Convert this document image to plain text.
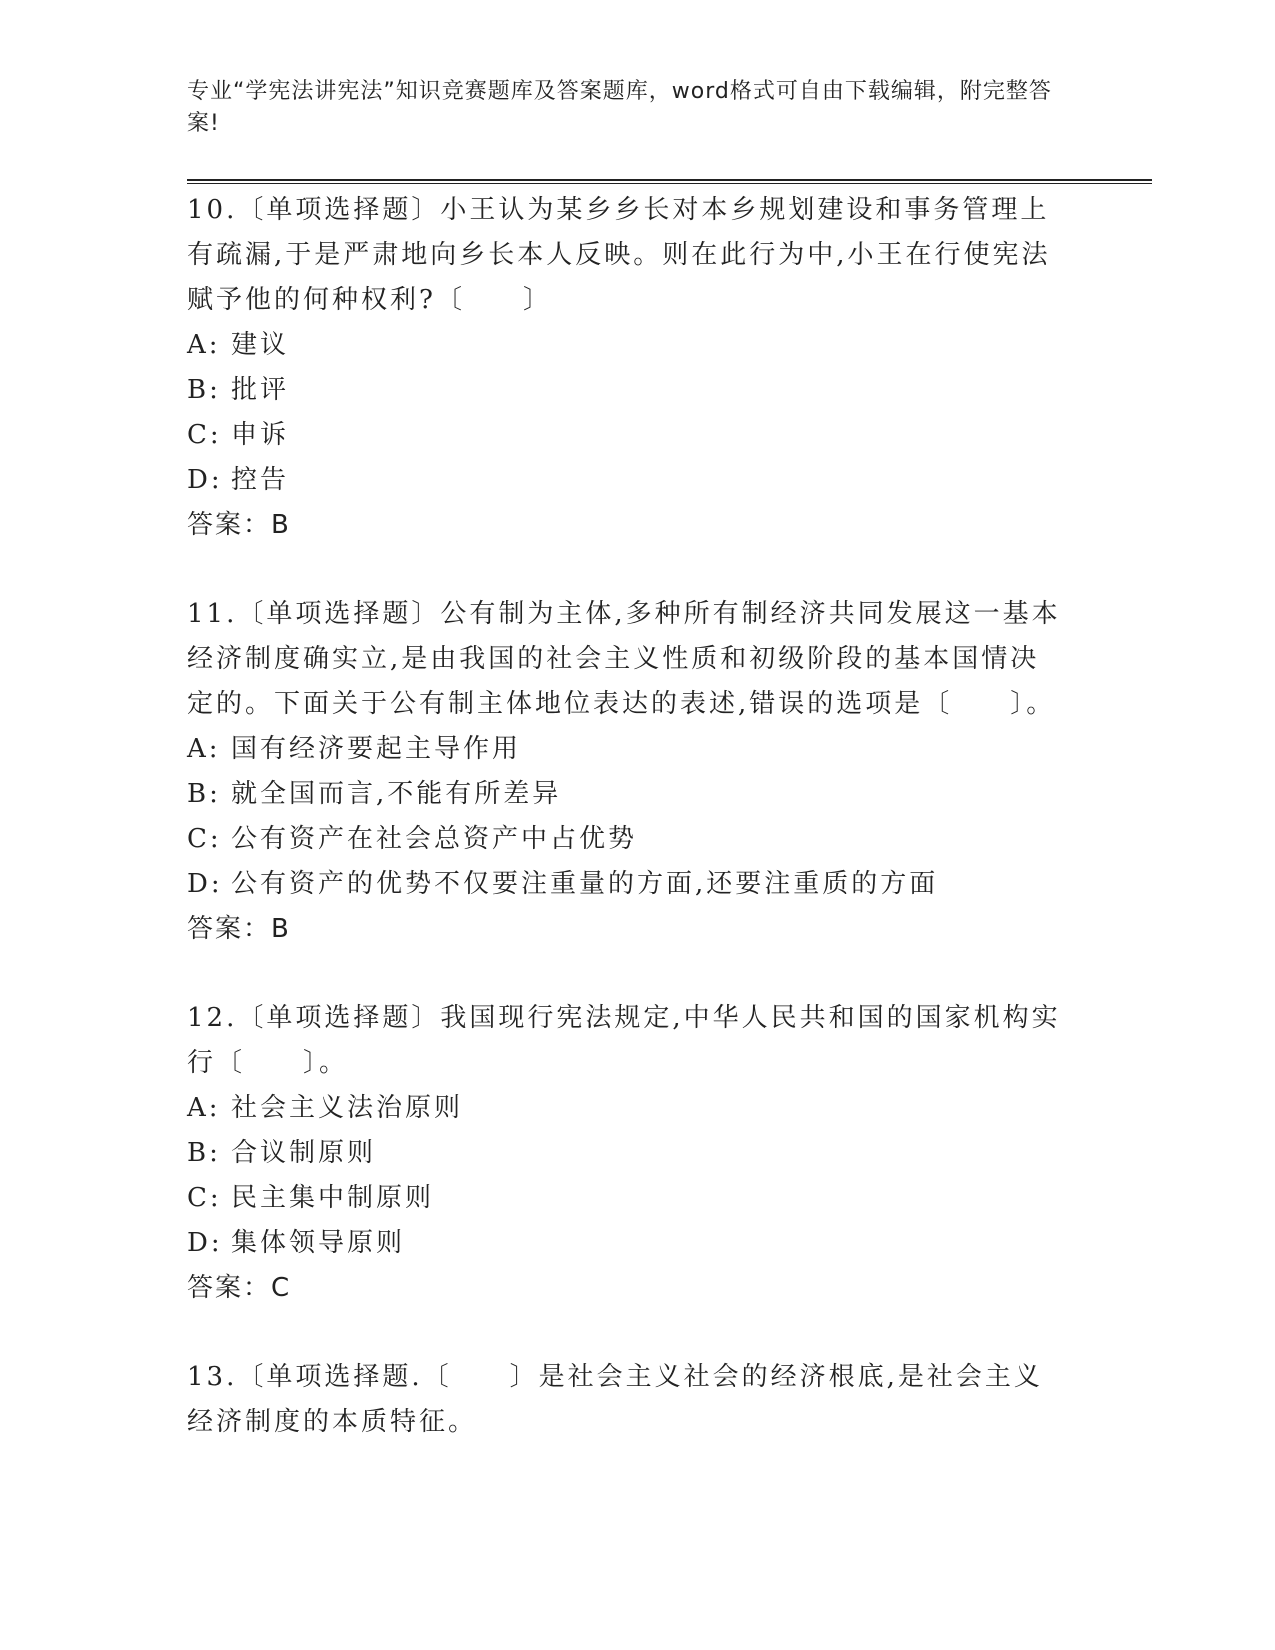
专业“学宪法讲宪法”知识竞赛题库及答案题库，word格式可自由下载编辑，附完整答案!

10.〔单项选择题〕小王认为某乡乡长对本乡规划建设和事务管理上有疏漏,于是严肃地向乡长本人反映。则在此行为中,小王在行使宪法赋予他的何种权利?〔　　〕

A: 建议

B: 批评

C: 申诉

D: 控告

答案：B

11.〔单项选择题〕公有制为主体,多种所有制经济共同发展这一基本经济制度确实立,是由我国的社会主义性质和初级阶段的基本国情决定的。下面关于公有制主体地位表达的表述,错误的选项是〔　　〕。

A: 国有经济要起主导作用

B: 就全国而言,不能有所差异

C: 公有资产在社会总资产中占优势

D: 公有资产的优势不仅要注重量的方面,还要注重质的方面

答案：B

12.〔单项选择题〕我国现行宪法规定,中华人民共和国的国家机构实行〔　　〕。

A: 社会主义法治原则

B: 合议制原则

C: 民主集中制原则

D: 集体领导原则

答案：C

13.〔单项选择题.〔　　〕是社会主义社会的经济根底,是社会主义经济制度的本质特征。
